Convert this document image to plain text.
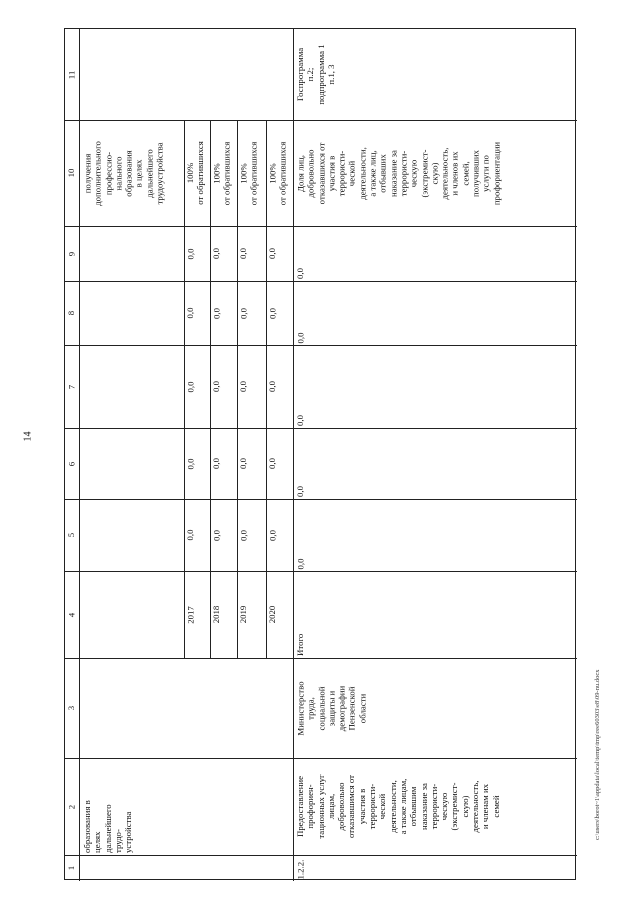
14
1
2
3
4
5
6
7
8
9
10
11
образования в
целях
дальнейшего
трудо-
устройства
получения
дополнительного
профессио-
нального
образования
в целях
дальнейшего
трудоустройства
2017
0,0
0,0
0,0
0,0
0,0
100%
от обратившихся
2018
0,0
0,0
0,0
0,0
0,0
100%
от обратившихся
2019
0,0
0,0
0,0
0,0
0,0
100%
от обратившихся
2020
0,0
0,0
0,0
0,0
0,0
100%
от обратившихся
1.2.2.
Предоставление
профориен-
тационных услуг
лицам,
добровольно
отказавшимся от
участия в
террористи-
ческой
деятельности,
а также лицам,
отбывшим
наказание за
террористи-
ческую
(экстремист-
скую)
деятельность,
и членам их
семей
Министерство
труда,
социальной
защиты и
демографии
Пензенской
области
Итого
0,0
0,0
0,0
0,0
0,0
Доля лиц,
добровольно
отказавшихся от
участия в
террористи-
ческой
деятельности,
а также лиц,
отбывших
наказание за
террористи-
ческую
(экстремист-
скую)
деятельность,
и членов их
семей,
получивших
услуги по
профориентации
Госпрограмма
п.2;
подпрограмма 1
п.1, 3
c:\users\borot~1\appdata\local\temp\tmp\ree60303\e8\09-nu.docx
